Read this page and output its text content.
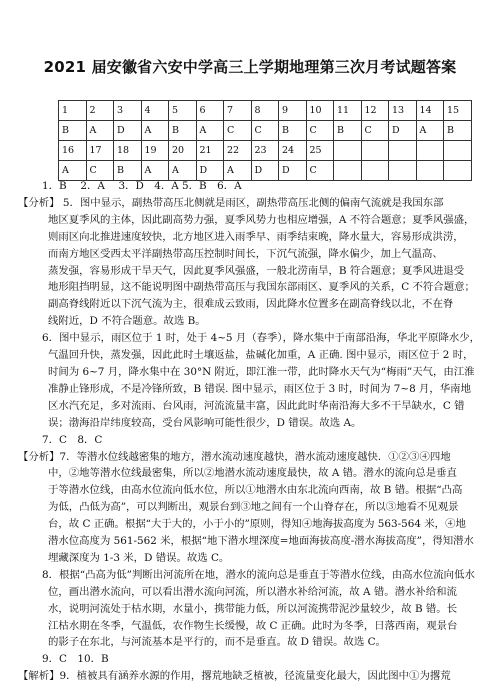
2021 届安徽省六安中学高三上学期地理第三次月考试题答案
1	2	3	4	5	6	7	8	9	10	11	12	13	14	15
B	A	D	A	B	A	C	C	B	C	B	C	D	A	B
16	17	18	19	20	21	22	23	24	25					
A	C	B	A	A	D	A	D	D	C					

1．B　 2．A　 3．D　4．A 5．B　6．A

【分析】 5．图中显示，副热带高压北侧就是雨区，副热带高压北侧的偏南气流就是我国东部

地区夏季风的主体，因此副高势力强，夏季风势力也相应增强，A 不符合题意；夏季风强盛，

则雨区向北推进速度较快，北方地区进入雨季早、雨季结束晚，降水量大，容易形成洪涝，

而南方地区受西太平洋副热带高压控制时间长，下沉气流强，降水偏少，加上气温高、

蒸发强，容易形成干旱天气，因此夏季风强盛，一般北涝南旱，B 符合题意；夏季风进退受

地形阻挡明显，这不能说明图中副热带高压与我国东部雨区、夏季风的关系，C 不符合题意；

副高脊线附近以下沉气流为主，很难成云致雨，因此降水位置多在副高脊线以北，不在脊

线附近，D 不符合题意。故选 B。

6．图中显示，雨区位于 1 时，处于 4~5 月（春季），降水集中于南部沿海，华北平原降水少，

气温回升快，蒸发强，因此此时土壤返盐，盐碱化加重，A 正确. 图中显示，雨区位于 2 时，

时间为 6~7 月，降水集中在 30°N 附近，即江淮一带，此时降水天气为“梅雨”天气，由江淮

准静止锋形成，不是冷锋所致，B 错误. 图中显示，雨区位于 3 时，时间为 7~8 月，华南地

区水汽充足，多对流雨、台风雨，河流流量丰富，因此此时华南沿海大多不干旱缺水，C 错

误；渤海沿岸纬度较高，受台风影响可能性很少，D 错误。故选 A。

7．C　8．C

【分析】7．等潜水位线越密集的地方，潜水流动速度越快，潜水流动速度越快．①②③④四地

中，②地等潜水位线最密集，所以②地潜水流动速度最快，故 A 错。潜水的流向总是垂直

于等潜水位线，由高水位流向低水位，所以①地潜水由东北流向西南，故 B 错。根据“凸高

为低，凸低为高”，可以判断出，观景台到③地之间有一个山脊存在，所以③地看不见观景

台，故 C 正确。根据“大于大的，小于小的”原则，得知④地海拔高度为 563-564 米，④地

潜水位高度为 561-562 米，根据“地下潜水埋深度=地面海拔高度-潜水海拔高度”，得知潜水

埋藏深度为 1-3 米，D 错误。故选 C。

8．根据“凸高为低”判断出河流所在地，潜水的流向总是垂直于等潜水位线，由高水位流向低水

位，画出潜水流向，可以看出潜水流向河流，所以潜水补给河流，故 A 错。潜水补给和流

水，说明河流处于枯水期，水量小，携带能力低，所以河流携带泥沙量较少，故 B 错。长

江枯水期在冬季，气温低，农作物生长缓慢，故 C 正确。此时为冬季，日落西南，观景台

的影子在东北，与河流基本是平行的，而不是垂直。故 D 错误。故选 C。

9．C　10．B

【解析】9．植被具有涵养水源的作用，撂荒地缺乏植被，径流量变化最大，因此图中①为撂荒
